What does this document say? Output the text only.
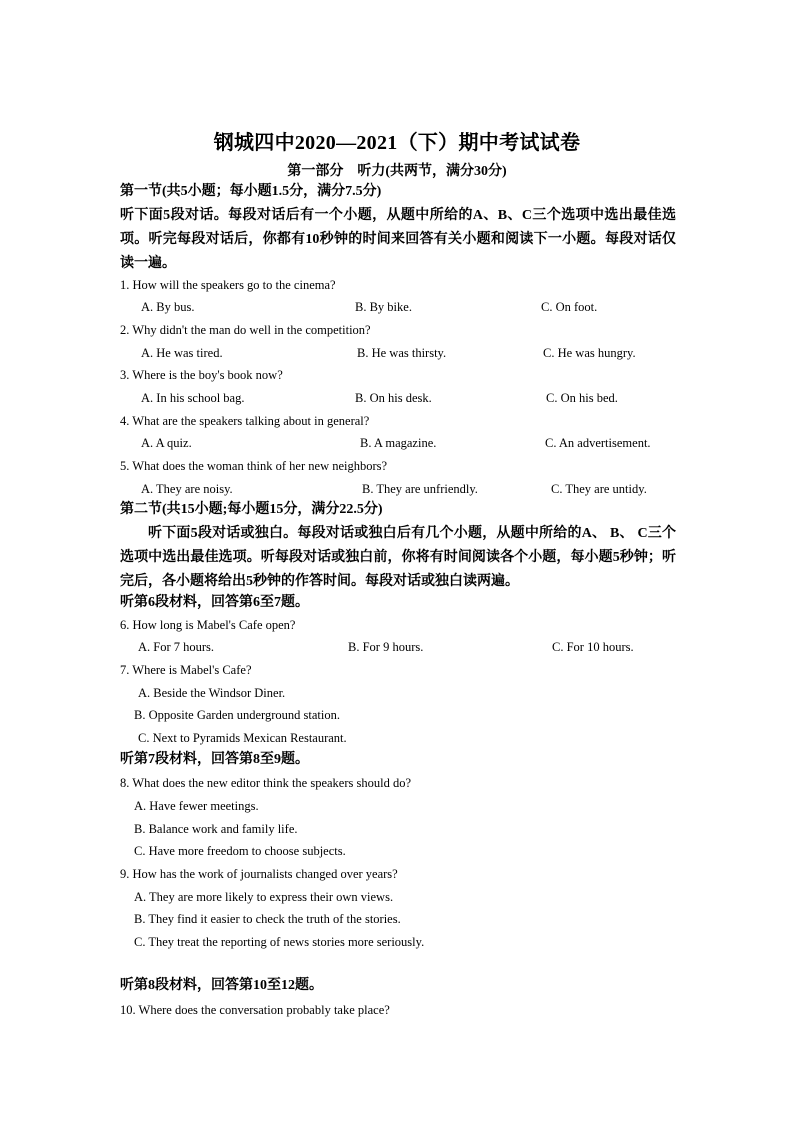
钢城四中2020—2021（下）期中考试试卷
第一部分　听力(共两节，满分30分)
第一节(共5小题；每小题1.5分，满分7.5分)
听下面5段对话。每段对话后有一个小题，从题中所给的A、B、C三个选项中选出最佳选项。听完每段对话后，你都有10秒钟的时间来回答有关小题和阅读下一小题。每段对话仅读一遍。
1. How will the speakers go to the cinema?
A. By bus.	B. By bike.	C. On foot.
2. Why didn't the man do well in the competition?
A. He was tired.	B. He was thirsty.	C. He was hungry.
3. Where is the boy's book now?
A. In his school bag.	B. On his desk.	C. On his bed.
4. What are the speakers talking about in general?
A. A quiz.	B. A magazine.	C. An advertisement.
5. What does the woman think of her new neighbors?
A. They are noisy.	B. They are unfriendly.	C. They are untidy.
第二节(共15小题;每小题15分，满分22.5分)
听下面5段对话或独白。每段对话或独白后有几个小题，从题中所给的A、 B、 C三个选项中选出最佳选项。听每段对话或独白前，你将有时间阅读各个小题，每小题5秒钟；听完后，各小题将给出5秒钟的作答时间。每段对话或独白读两遍。
听第6段材料，回答第6至7题。
6. How long is Mabel's Cafe open?
A. For 7 hours.	B. For 9 hours.	C. For 10 hours.
7. Where is Mabel's Cafe?
A. Beside the Windsor Diner.
B. Opposite Garden underground station.
C. Next to Pyramids Mexican Restaurant.
听第7段材料，回答第8至9题。
8. What does the new editor think the speakers should do?
A. Have fewer meetings.
B. Balance work and family life.
C. Have more freedom to choose subjects.
9. How has the work of journalists changed over years?
A. They are more likely to express their own views.
B. They find it easier to check the truth of the stories.
C. They treat the reporting of news stories more seriously.
听第8段材料，回答第10至12题。
10. Where does the conversation probably take place?
